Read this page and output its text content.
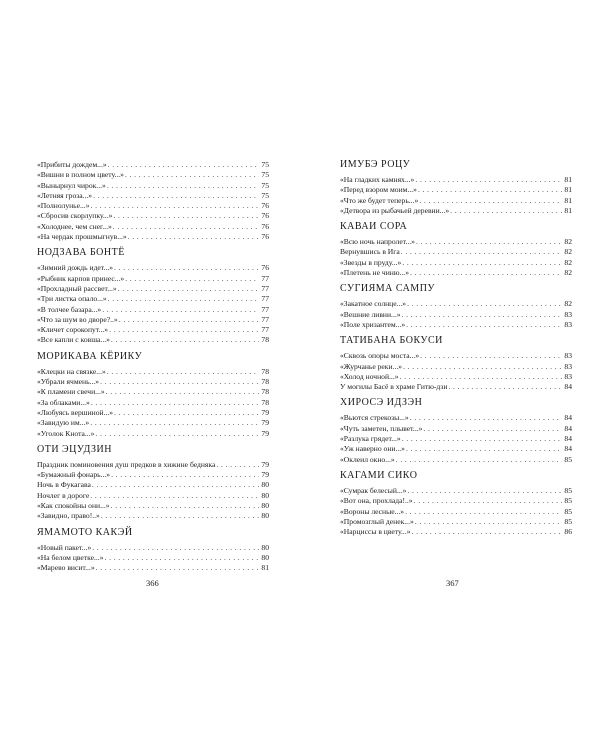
«Прибиты дождем...» . . .	75
«Вишни в полном цвету...» . . .	75
«Вынырнул чирок...» . . .	75
«Летняя гроза...» . . .	75
«Полнолунье...» . . .	76
«Сбросив скорлупку...» . . .	76
«Холоднее, чем снег...» . . .	76
«На чердак прошмыгнув...» . . .	76
НОДЗАВА БОНТЁ
«Зимний дождь идет...» . . .	76
«Рыбник карпов принес...» . . .	77
«Прохладный рассвет...» . . .	77
«Три листка опало...» . . .	77
«В толчее базара...» . . .	77
«Что за шум во дворе?..» . . .	77
«Кличет сорокопут...» . . .	77
«Все капли с ковша...» . . .	78
МОРИКАВА КЁРИКУ
«Клецки на связке...» . . .	78
«Убрали ячмень...» . . .	78
«К пламени свечи...» . . .	78
«За облаками...» . . .	78
«Любуясь вершиной...» . . .	79
«Завидую им...» . . .	79
«Уголок Кнота...» . . .	79
ОТИ ЭЦУДЗИН
Праздник поминовения душ предков в хижине бедняка . . .	79
«Бумажный фонарь...» . . .	79
Ночь в Фукагава . . .	80
Ночлег в дороге . . .	80
«Как спокойны они...» . . .	80
«Завидно, право!..» . . .	80
ЯМАМОТО КАКЭЙ
«Новый пакет...» . . .	80
«На белом цветке...» . . .	80
«Марево висит...» . . .	81
366
ИМУБЭ РОЦУ
«На гладких камнях...» . . .	81
«Перед взором моим...» . . .	81
«Что же будет теперь...» . . .	81
«Детвора из рыбачьей деревни...» . . .	81
КАВАИ СОРА
«Всю ночь напролет...» . . .	82
Вернувшись в Ига . . .	82
«Звезды в пруду...» . . .	82
«Плетень не чиню...» . . .	82
СУГИЯМА САМПУ
«Закатное солнце...» . . .	82
«Вешние ливни...» . . .	83
«Поле хризантем...» . . .	83
ТАТИБАНА БОКУСИ
«Сквозь опоры моста...» . . .	83
«Журчанье реки...» . . .	83
«Холод ночной...» . . .	83
У могилы Басё в храме Гитю-дзи . . .	84
ХИРОСЭ ИДЗЭН
«Вьются стрекозы...» . . .	84
«Чуть заметен, плывет...» . . .	84
«Разлука грядет...» . . .	84
«Уж наверно они...» . . .	84
«Оклеил окно...» . . .	85
КАГАМИ СИКО
«Сумрак белесый...» . . .	85
«Вот она, прохлада!..» . . .	85
«Вороны лесные...» . . .	85
«Промозглый денек...» . . .	85
«Нарциссы в цвету...» . . .	86
367
